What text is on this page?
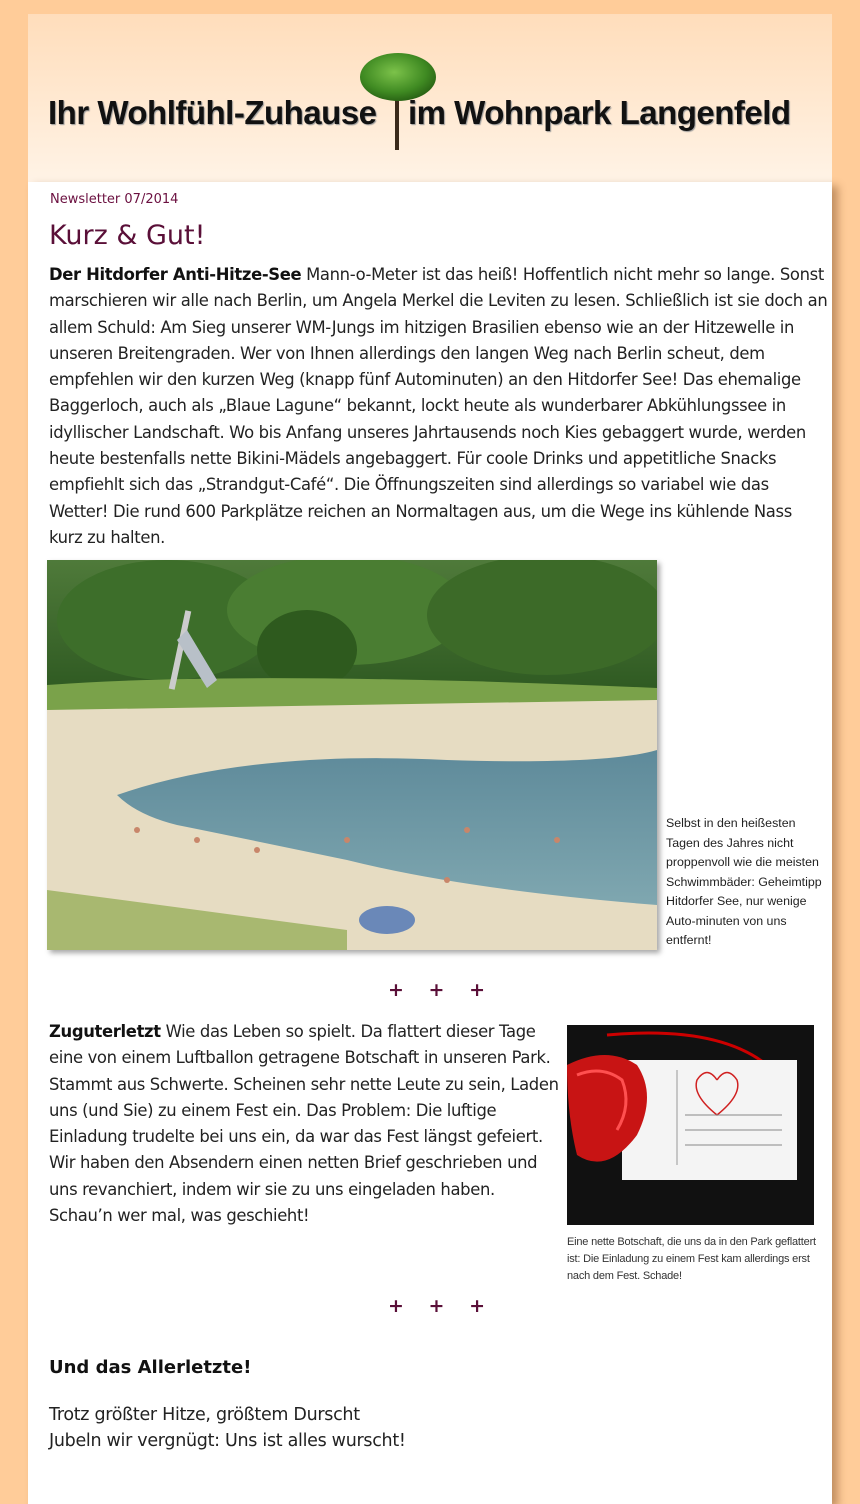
Ihr Wohlfühl-Zuhause im Wohnpark Langenfeld
Newsletter 07/2014
Kurz & Gut!
Der Hitdorfer Anti-Hitze-See Mann-o-Meter ist das heiß! Hoffentlich nicht mehr so lange. Sonst marschieren wir alle nach Berlin, um Angela Merkel die Leviten zu lesen. Schließlich ist sie doch an allem Schuld: Am Sieg unserer WM-Jungs im hitzigen Brasilien ebenso wie an der Hitzewelle in unseren Breitengraden. Wer von Ihnen allerdings den langen Weg nach Berlin scheut, dem empfehlen wir den kurzen Weg (knapp fünf Autominuten) an den Hitdorfer See! Das ehemalige Baggerloch, auch als „Blaue Lagune“ bekannt, lockt heute als wunderbarer Abkühlungssee in idyllischer Landschaft. Wo bis Anfang unseres Jahrtausends noch Kies gebaggert wurde, werden heute bestenfalls nette Bikini-Mädels angebaggert. Für coole Drinks und appetitliche Snacks empfiehlt sich das „Strandgut-Café“. Die Öffnungszeiten sind allerdings so variabel wie das Wetter! Die rund 600 Parkplätze reichen an Normaltagen aus, um die Wege ins kühlende Nass kurz zu halten.
Selbst in den heißesten Tagen des Jahres nicht proppenvoll wie die meisten Schwimmbäder: Geheimtipp Hitdorfer See, nur wenige Auto-minuten von uns entfernt!
+ + +
Zuguterletzt Wie das Leben so spielt. Da flattert dieser Tage eine von einem Luftballon getragene Botschaft in unseren Park. Stammt aus Schwerte. Scheinen sehr nette Leute zu sein, Laden uns (und Sie) zu einem Fest ein. Das Problem: Die luftige Einladung trudelte bei uns ein, da war das Fest längst gefeiert. Wir haben den Absendern einen netten Brief geschrieben und uns revanchiert, indem wir sie zu uns eingeladen haben. Schau’n wer mal, was geschieht!
Eine nette Botschaft, die uns da in den Park geflattert ist: Die Einladung zu einem Fest kam allerdings erst nach dem Fest. Schade!
+ + +
Und das Allerletzte!
Trotz größter Hitze, größtem Durscht
Jubeln wir vergnügt: Uns ist alles wurscht!
